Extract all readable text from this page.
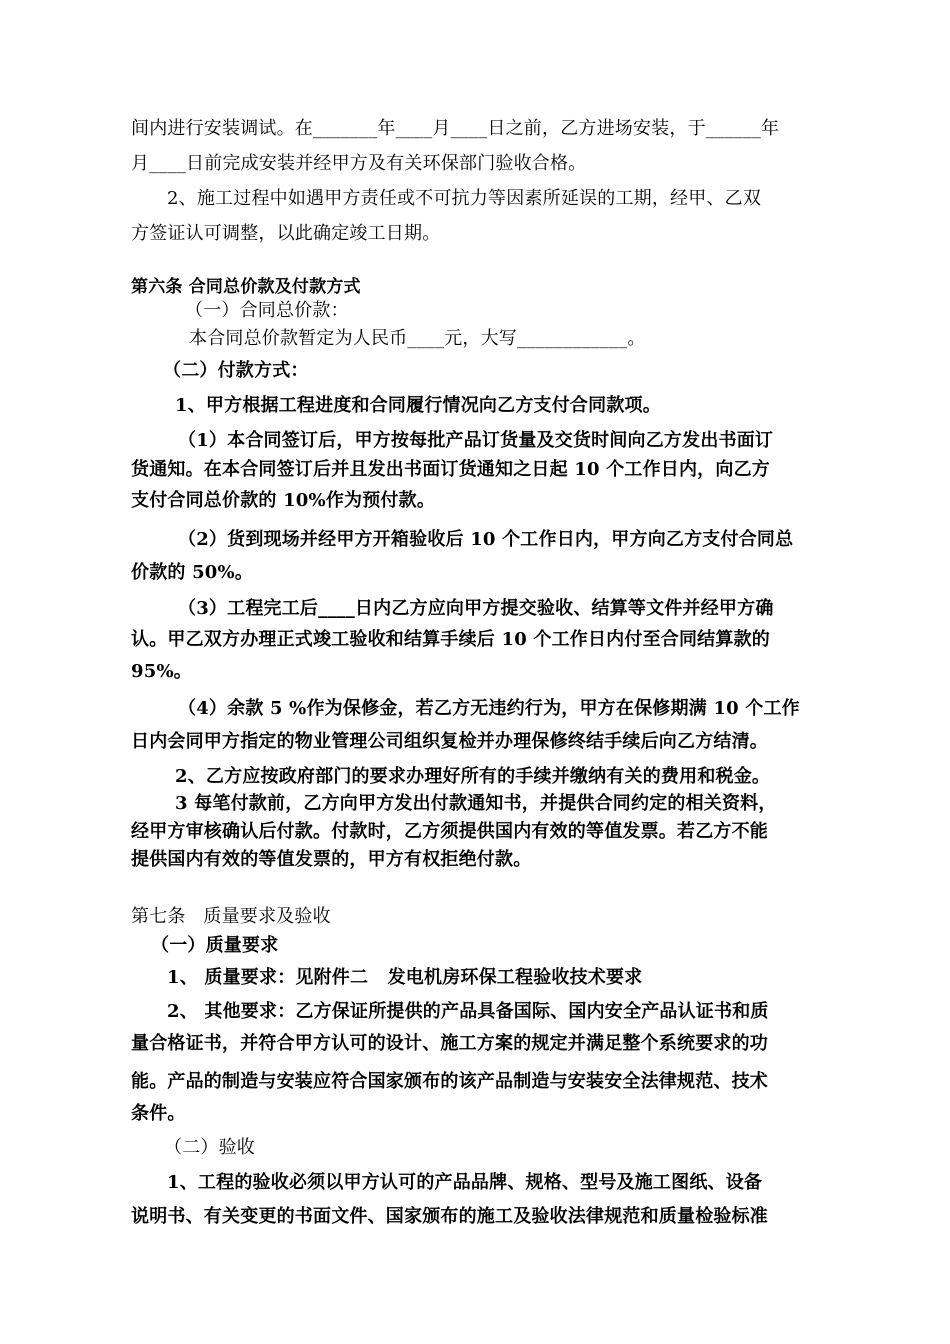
间内进行安装调试。在_______年____月____日之前，乙方进场安装，于______年
月____日前完成安装并经甲方及有关环保部门验收合格。
2、施工过程中如遇甲方责任或不可抗力等因素所延误的工期，经甲、乙双
方签证认可调整，以此确定竣工日期。
第六条 合同总价款及付款方式
（一）合同总价款：
本合同总价款暂定为人民币____元，大写____________。
（二）付款方式：
1、甲方根据工程进度和合同履行情况向乙方支付合同款项。
（1）本合同签订后，甲方按每批产品订货量及交货时间向乙方发出书面订
货通知。在本合同签订后并且发出书面订货通知之日起 10 个工作日内，向乙方
支付合同总价款的 10%作为预付款。
（2）货到现场并经甲方开箱验收后 10 个工作日内，甲方向乙方支付合同总
价款的 50%。
（3）工程完工后____日内乙方应向甲方提交验收、结算等文件并经甲方确
认。甲乙双方办理正式竣工验收和结算手续后 10 个工作日内付至合同结算款的
95%。
（4）余款 5 %作为保修金，若乙方无违约行为，甲方在保修期满 10 个工作
日内会同甲方指定的物业管理公司组织复检并办理保修终结手续后向乙方结清。
2、乙方应按政府部门的要求办理好所有的手续并缴纳有关的费用和税金。
3 每笔付款前，乙方向甲方发出付款通知书，并提供合同约定的相关资料，
经甲方审核确认后付款。付款时，乙方须提供国内有效的等值发票。若乙方不能
提供国内有效的等值发票的，甲方有权拒绝付款。
第七条   质量要求及验收
（一）质量要求
1、 质量要求：见附件二   发电机房环保工程验收技术要求
2、 其他要求：乙方保证所提供的产品具备国际、国内安全产品认证书和质
量合格证书，并符合甲方认可的设计、施工方案的规定并满足整个系统要求的功
能。产品的制造与安装应符合国家颁布的该产品制造与安装安全法律规范、技术
条件。
（二）验收
1、工程的验收必须以甲方认可的产品品牌、规格、型号及施工图纸、设备
说明书、有关变更的书面文件、国家颁布的施工及验收法律规范和质量检验标准
